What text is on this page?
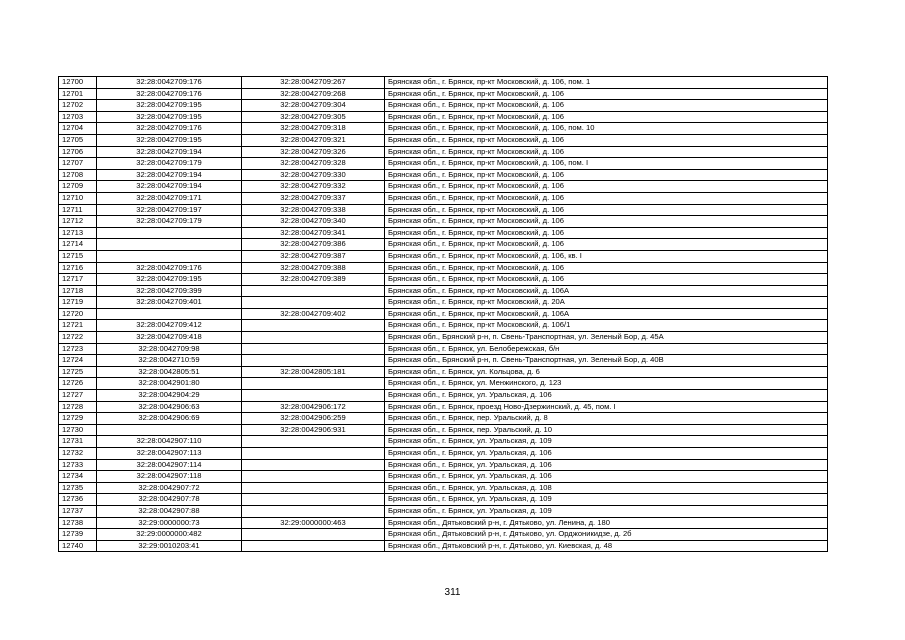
12700	32:28:0042709:176	32:28:0042709:267	Брянская обл., г. Брянск, пр-кт Московский, д. 106, пом. 1
12701	32:28:0042709:176	32:28:0042709:268	Брянская обл., г. Брянск, пр-кт Московский, д. 106
12702	32:28:0042709:195	32:28:0042709:304	Брянская обл., г. Брянск, пр-кт Московский, д. 106
12703	32:28:0042709:195	32:28:0042709:305	Брянская обл., г. Брянск, пр-кт Московский, д. 106
12704	32:28:0042709:176	32:28:0042709:318	Брянская обл., г. Брянск, пр-кт Московский, д. 106, пом. 10
12705	32:28:0042709:195	32:28:0042709:321	Брянская обл., г. Брянск, пр-кт Московский, д. 106
12706	32:28:0042709:194	32:28:0042709:326	Брянская обл., г. Брянск, пр-кт Московский, д. 106
12707	32:28:0042709:179	32:28:0042709:328	Брянская обл., г. Брянск, пр-кт Московский, д. 106, пом. I
12708	32:28:0042709:194	32:28:0042709:330	Брянская обл., г. Брянск, пр-кт Московский, д. 106
12709	32:28:0042709:194	32:28:0042709:332	Брянская обл., г. Брянск, пр-кт Московский, д. 106
12710	32:28:0042709:171	32:28:0042709:337	Брянская обл., г. Брянск, пр-кт Московский, д. 106
12711	32:28:0042709:197	32:28:0042709:338	Брянская обл., г. Брянск, пр-кт Московский, д. 106
12712	32:28:0042709:179	32:28:0042709:340	Брянская обл., г. Брянск, пр-кт Московский, д. 106
12713		32:28:0042709:341	Брянская обл., г. Брянск, пр-кт Московский, д. 106
12714		32:28:0042709:386	Брянская обл., г. Брянск, пр-кт Московский, д. 106
12715		32:28:0042709:387	Брянская обл., г. Брянск, пр-кт Московский, д. 106, кв. I
12716	32:28:0042709:176	32:28:0042709:388	Брянская обл., г. Брянск, пр-кт Московский, д. 106
12717	32:28:0042709:195	32:28:0042709:389	Брянская обл., г. Брянск, пр-кт Московский, д. 106
12718	32:28:0042709:399		Брянская обл., г. Брянск, пр-кт Московский, д. 106А
12719	32:28:0042709:401		Брянская обл., г. Брянск, пр-кт Московский, д. 20А
12720		32:28:0042709:402	Брянская обл., г. Брянск, пр-кт Московский, д. 106А
12721	32:28:0042709:412		Брянская обл., г. Брянск, пр-кт Московский, д. 106/1
12722	32:28:0042709:418		Брянская обл., Брянский р-н, п. Свень-Транспортная, ул. Зеленый Бор, д. 45А
12723	32:28:0042709:98		Брянская обл., г. Брянск, ул. Белобережская, б/н
12724	32:28:0042710:59		Брянская обл., Брянский р-н, п. Свень-Транспортная, ул. Зеленый Бор, д. 40В
12725	32:28:0042805:51	32:28:0042805:181	Брянская обл., г. Брянск, ул. Кольцова, д. 6
12726	32:28:0042901:80		Брянская обл., г. Брянск, ул. Менжинского, д. 123
12727	32:28:0042904:29		Брянская обл., г. Брянск, ул. Уральская, д. 106
12728	32:28:0042906:63	32:28:0042906:172	Брянская обл., г. Брянск, проезд Ново-Дзержинский, д. 45, пом. I
12729	32:28:0042906:69	32:28:0042906:259	Брянская обл., г. Брянск, пер. Уральский, д. 8
12730		32:28:0042906:931	Брянская обл., г. Брянск, пер. Уральский, д. 10
12731	32:28:0042907:110		Брянская обл., г. Брянск, ул. Уральская, д. 109
12732	32:28:0042907:113		Брянская обл., г. Брянск, ул. Уральская, д. 106
12733	32:28:0042907:114		Брянская обл., г. Брянск, ул. Уральская, д. 106
12734	32:28:0042907:118		Брянская обл., г. Брянск, ул. Уральская, д. 106
12735	32:28:0042907:72		Брянская обл., г. Брянск, ул. Уральская, д. 108
12736	32:28:0042907:78		Брянская обл., г. Брянск, ул. Уральская, д. 109
12737	32:28:0042907:88		Брянская обл., г. Брянск, ул. Уральская, д. 109
12738	32:29:0000000:73	32:29:0000000:463	Брянская обл., Дятьковский р-н, г. Дятьково, ул. Ленина, д. 180
12739	32:29:0000000:482		Брянская обл., Дятьковский р-н, г. Дятьково, ул. Орджоникидзе, д. 2б
12740	32:29:0010203:41		Брянская обл., Дятьковский р-н, г. Дятьково, ул. Киевская, д. 48
311
